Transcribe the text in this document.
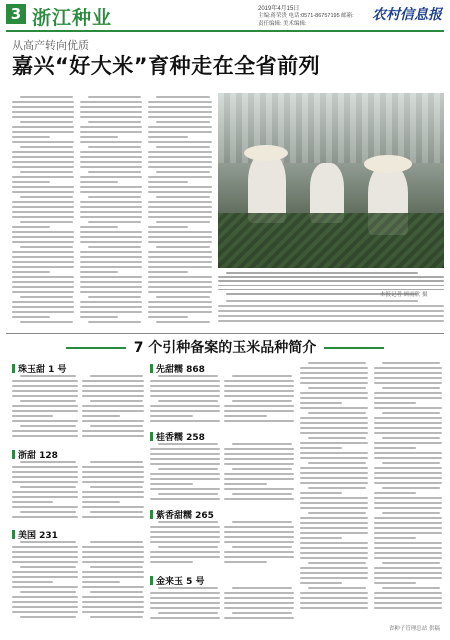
3 浙江种业	2019年4月15日
主编:蒋荣贵 电话:0571-86757195 邮箱:
责任编辑: 美术编辑:
农村信息报
从高产转向优质
嘉兴“好大米”育种走在全省前列
本报记者 顾雨欣 摄
7 个引种备案的玉米品种简介
珠玉甜 1 号
浙甜 128
美国 231
先甜糯 868
桂香糯 258
紫香甜糯 265
金来玉 5 号
省种子管理总站 供稿
